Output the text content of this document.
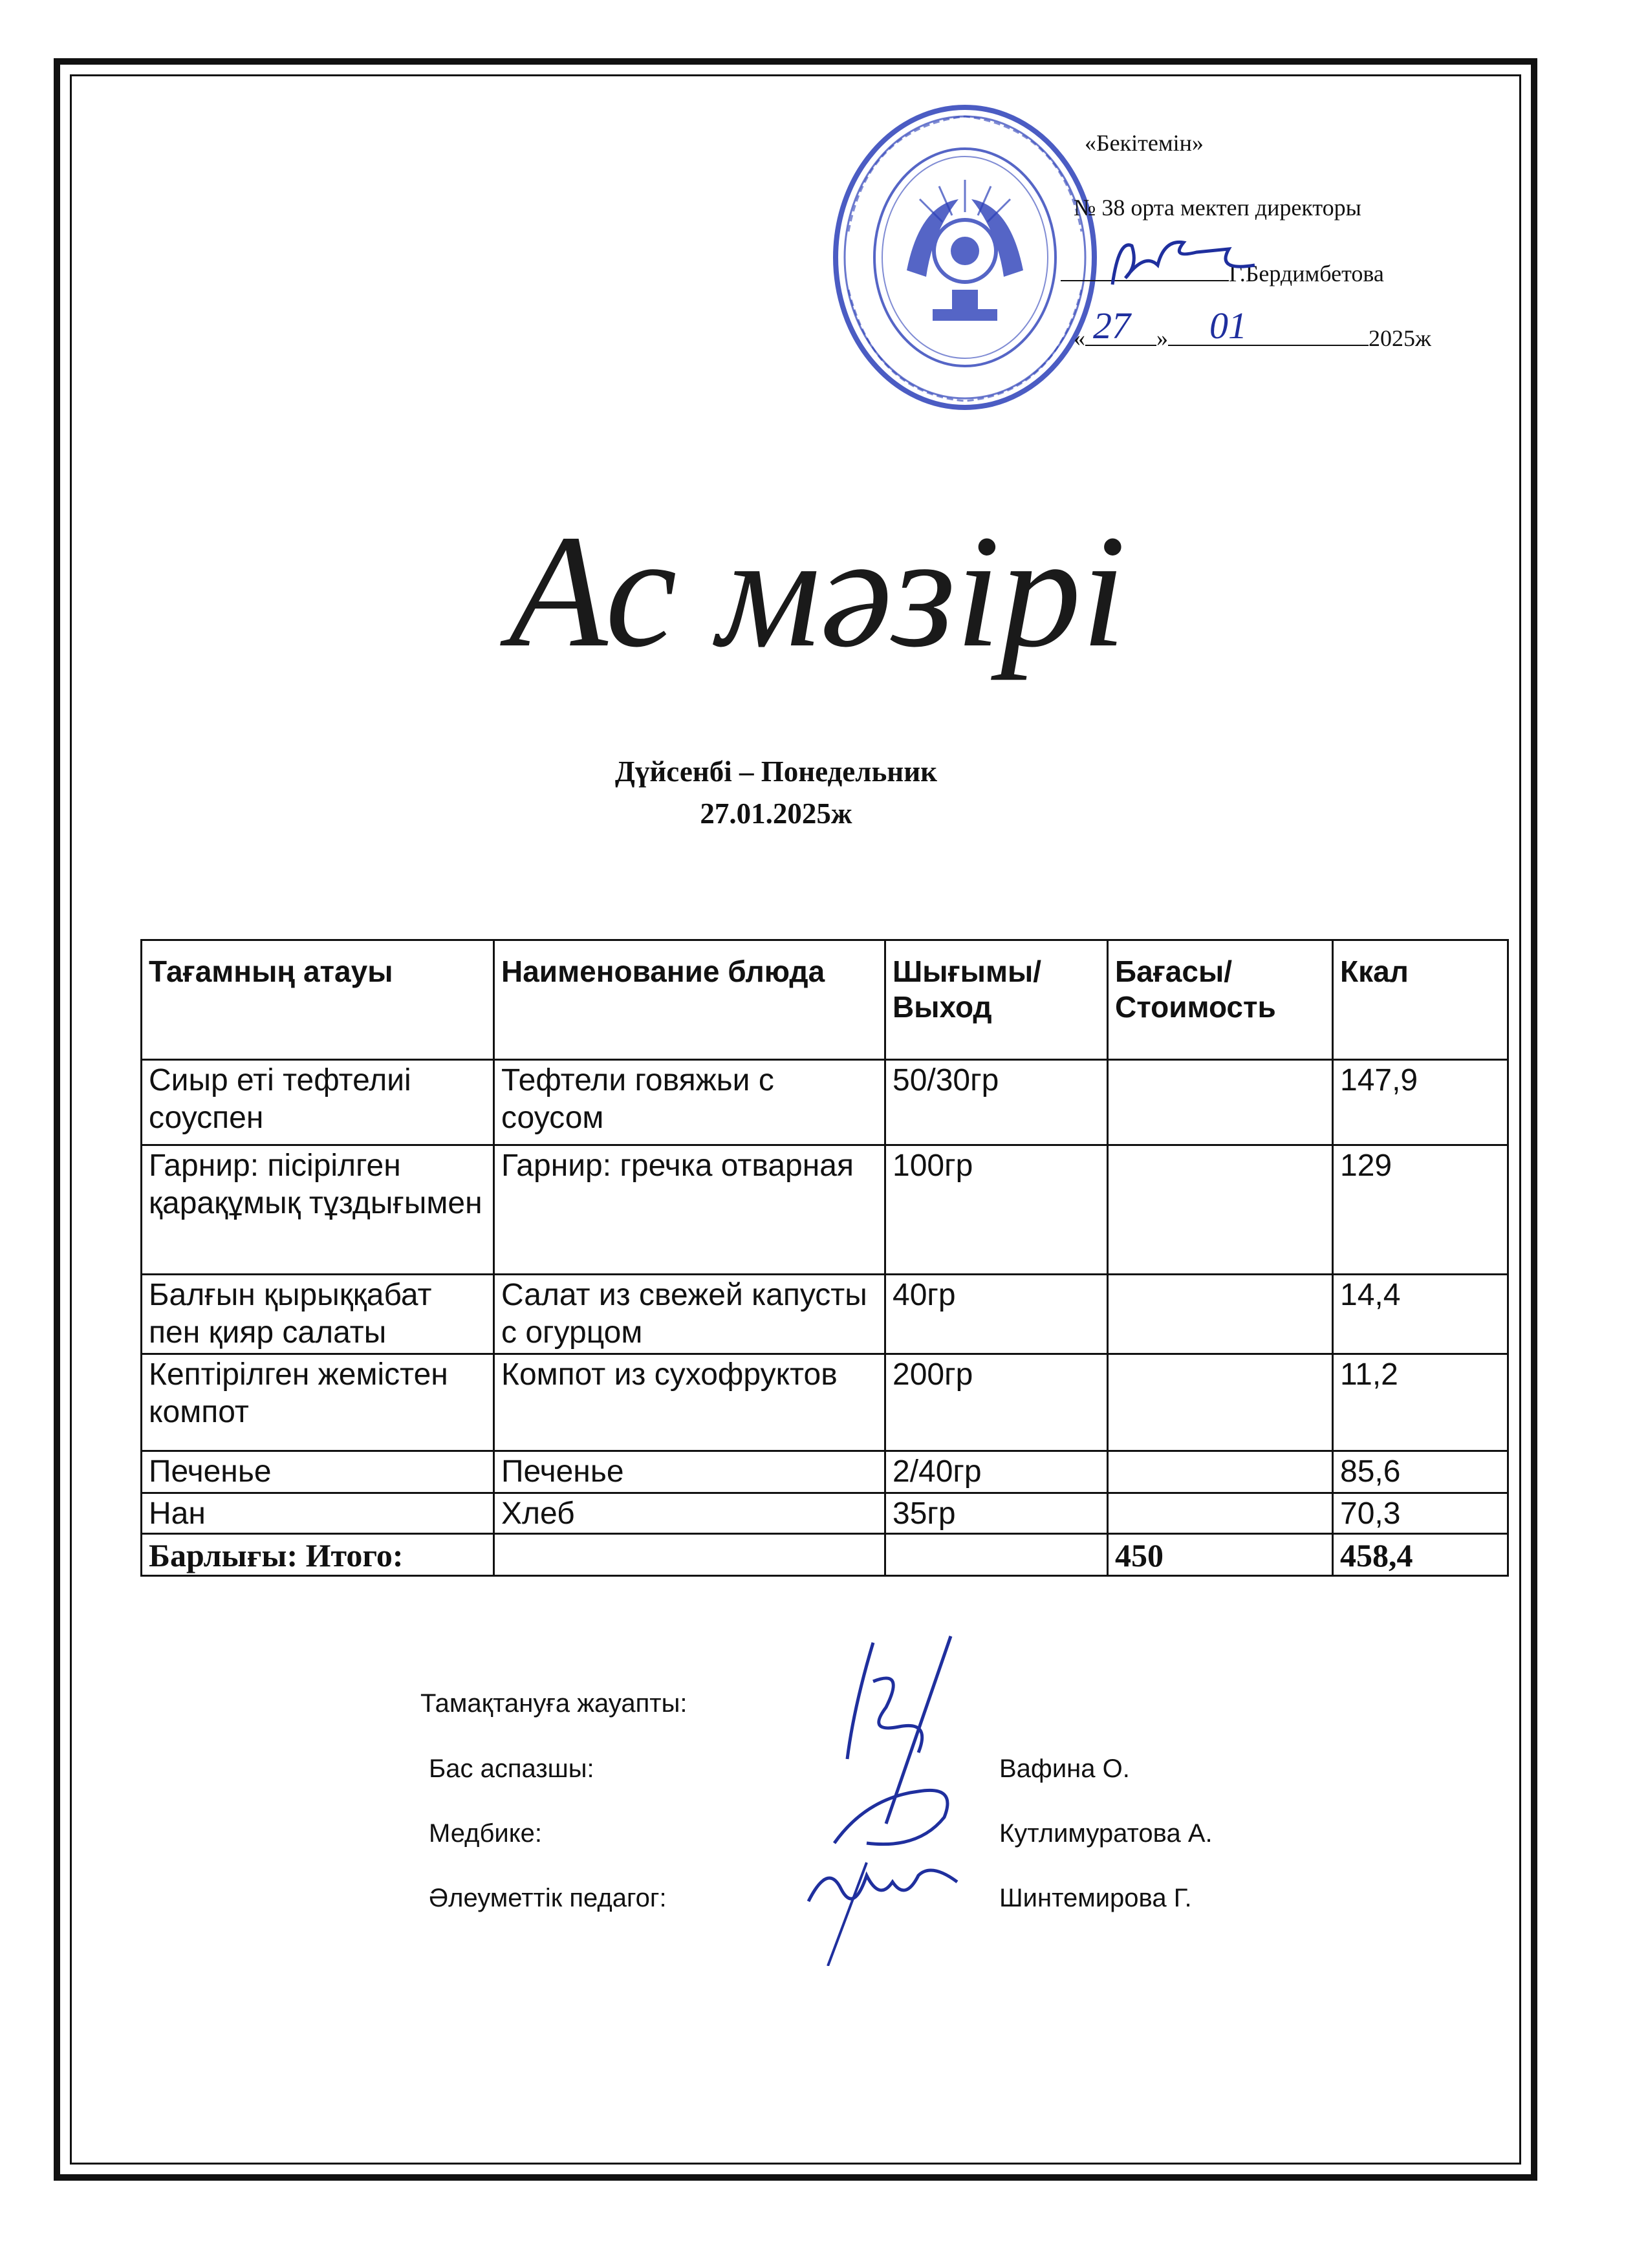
«Бекітемін»
№ 38 орта мектеп директоры
Г.Бердимбетова
«	»	2025ж
27 01
Ас мәзірі
Дүйсенбі – Понедельник
27.01.2025ж
Тағамның атауы	Наименование блюда	Шығымы/ Выход	Бағасы/ Стоимость	Ккал
Сиыр еті тефтелиі соуспен	Тефтели говяжьи с соусом	50/30гр		147,9
Гарнир: пісірілген қарақұмық тұздығымен	Гарнир: гречка отварная	100гр		129
Балғын қырыққабат пен қияр салаты	Салат из свежей капусты с огурцом	40гр		14,4
Кептірілген жемістен компот	Компот из сухофруктов	200гр		11,2
Печенье	Печенье	2/40гр		85,6
Нан	Хлеб	35гр		70,3
Барлығы: Итого:			450	458,4
Тамақтануға жауапты:
Бас аспазшы:	Вафина О.
Медбике:	Кутлимуратова А.
Әлеуметтік педагог:	Шинтемирова Г.
